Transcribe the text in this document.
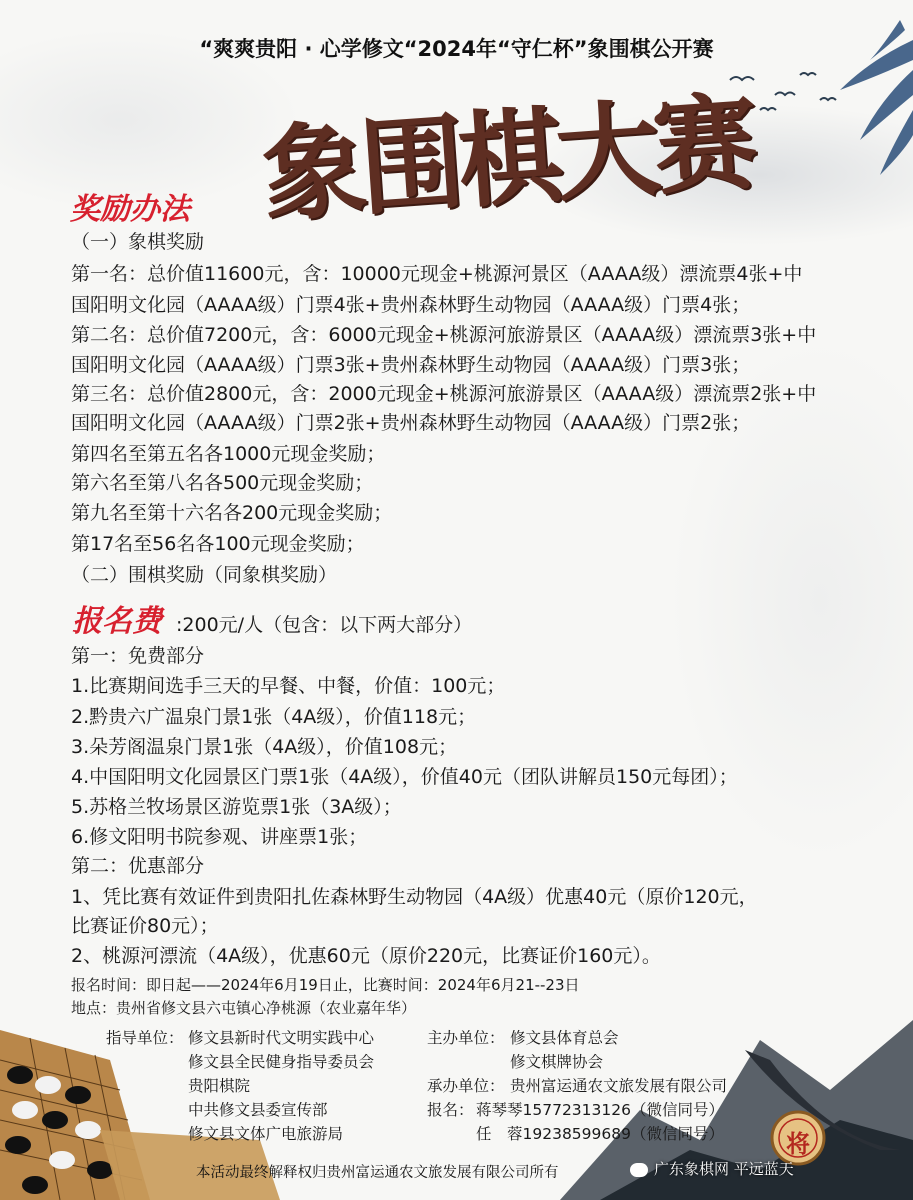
“爽爽贵阳 · 心学修文“2024年“守仁杯”象围棋公开赛
象围棋大赛
将
奖励办法
（一）象棋奖励
第一名：总价值11600元，含：10000元现金+桃源河景区（AAAA级）漂流票4张+中
国阳明文化园（AAAA级）门票4张+贵州森林野生动物园（AAAA级）门票4张；
第二名：总价值7200元，含：6000元现金+桃源河旅游景区（AAAA级）漂流票3张+中
国阳明文化园（AAAA级）门票3张+贵州森林野生动物园（AAAA级）门票3张；
第三名：总价值2800元，含：2000元现金+桃源河旅游景区（AAAA级）漂流票2张+中
国阳明文化园（AAAA级）门票2张+贵州森林野生动物园（AAAA级）门票2张；
第四名至第五名各1000元现金奖励；
第六名至第八名各500元现金奖励；
第九名至第十六名各200元现金奖励；
第17名至56名各100元现金奖励；
（二）围棋奖励（同象棋奖励）
报名费 :200元/人（包含：以下两大部分）
第一：免费部分
1.比赛期间选手三天的早餐、中餐，价值：100元；
2.黔贵六广温泉门景1张（4A级），价值118元；
3.朵芳阁温泉门景1张（4A级），价值108元；
4.中国阳明文化园景区门票1张（4A级），价值40元（团队讲解员150元每团）；
5.苏格兰牧场景区游览票1张（3A级）；
6.修文阳明书院参观、讲座票1张；
第二：优惠部分
1、凭比赛有效证件到贵阳扎佐森林野生动物园（4A级）优惠40元（原价120元，
比赛证价80元）；
2、桃源河漂流（4A级），优惠60元（原价220元，比赛证价160元）。
报名时间：即日起——2024年6月19日止，比赛时间：2024年6月21--23日
地点：贵州省修文县六屯镇心净桃源（农业嘉年华）
指导单位： 修文县新时代文明实践中心
修文县全民健身指导委员会
贵阳棋院
中共修文县委宣传部
修文县文体广电旅游局
主办单位： 修文县体育总会
修文棋牌协会
承办单位： 贵州富运通农文旅发展有限公司
报名： 蒋琴琴15772313126（微信同号）
任　蓉19238599689（微信同号）
本活动最终解释权归贵州富运通农文旅发展有限公司所有	广东象棋网 平远蓝天
